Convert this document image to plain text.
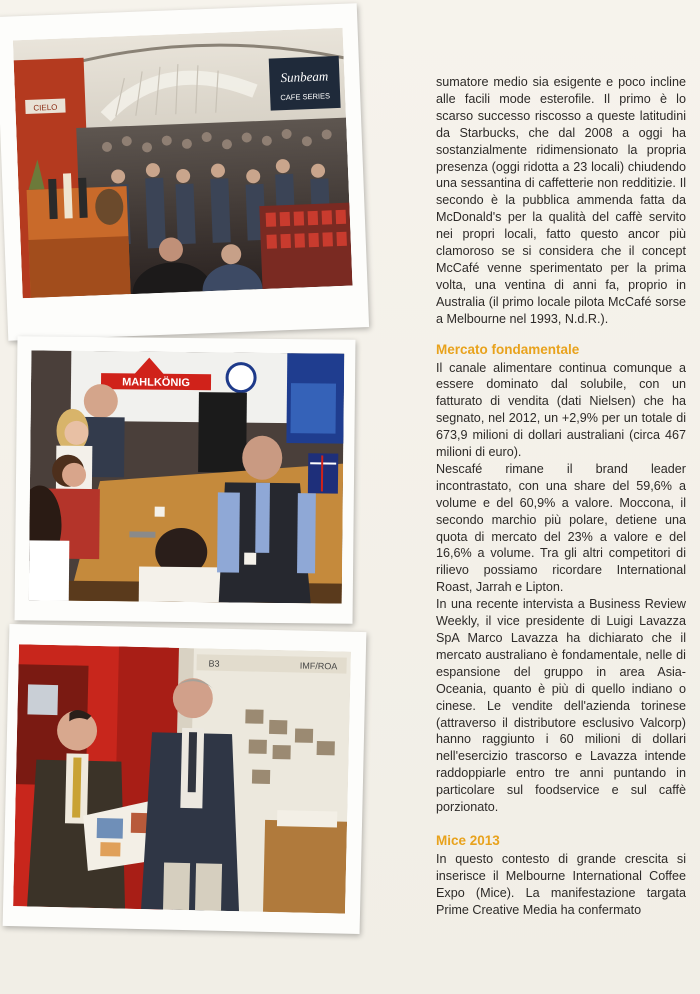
CIELO
Sunbeam
CAFE SERIES
MAHLKÖNIG
B3	IMF/ROA

sumatore medio sia esigente e poco incline alle facili mode esterofile. Il primo è lo scarso successo riscosso a queste latitudini da Starbucks, che dal 2008 a oggi ha sostanzialmente ridimensionato la propria presenza (oggi ridotta a 23 locali) chiudendo una sessantina di caffetterie non redditizie. Il secondo è la pubblica ammenda fatta da McDonald's per la qualità del caffè servito nei propri locali, fatto questo ancor più clamoroso se si considera che il concept McCafé venne sperimentato per la prima volta, una ventina di anni fa, proprio in Australia (il primo locale pilota McCafé sorse a Melbourne nel 1993, N.d.R.).

Mercato fondamentale

Il canale alimentare continua comunque a essere dominato dal solubile, con un fatturato di vendita (dati Nielsen) che ha segnato, nel 2012, un +2,9% per un totale di 673,9 milioni di dollari australiani (circa 467 milioni di euro).

Nescafé rimane il brand leader incontrastato, con una share del 59,6% a volume e del 60,9% a valore. Moccona, il secondo marchio più polare, detiene una quota di mercato del 23% a valore e del 16,6% a volume. Tra gli altri competitori di rilievo possiamo ricordare International Roast, Jarrah e Lipton.

In una recente intervista a Business Review Weekly, il vice presidente di Luigi Lavazza SpA Marco Lavazza ha dichiarato che il mercato australiano è fondamentale, nelle di espansione del gruppo in area Asia-Oceania, quanto è più di quello indiano o cinese. Le vendite dell'azienda torinese (attraverso il distributore esclusivo Valcorp) hanno raggiunto i 60 milioni di dollari nell'esercizio trascorso e Lavazza intende raddoppiarle entro tre anni puntando in particolare sul foodservice e sul caffè porzionato.

Mice 2013

In questo contesto di grande crescita si inserisce il Melbourne International Coffee Expo (Mice). La manifestazione targata Prime Creative Media ha confermato
